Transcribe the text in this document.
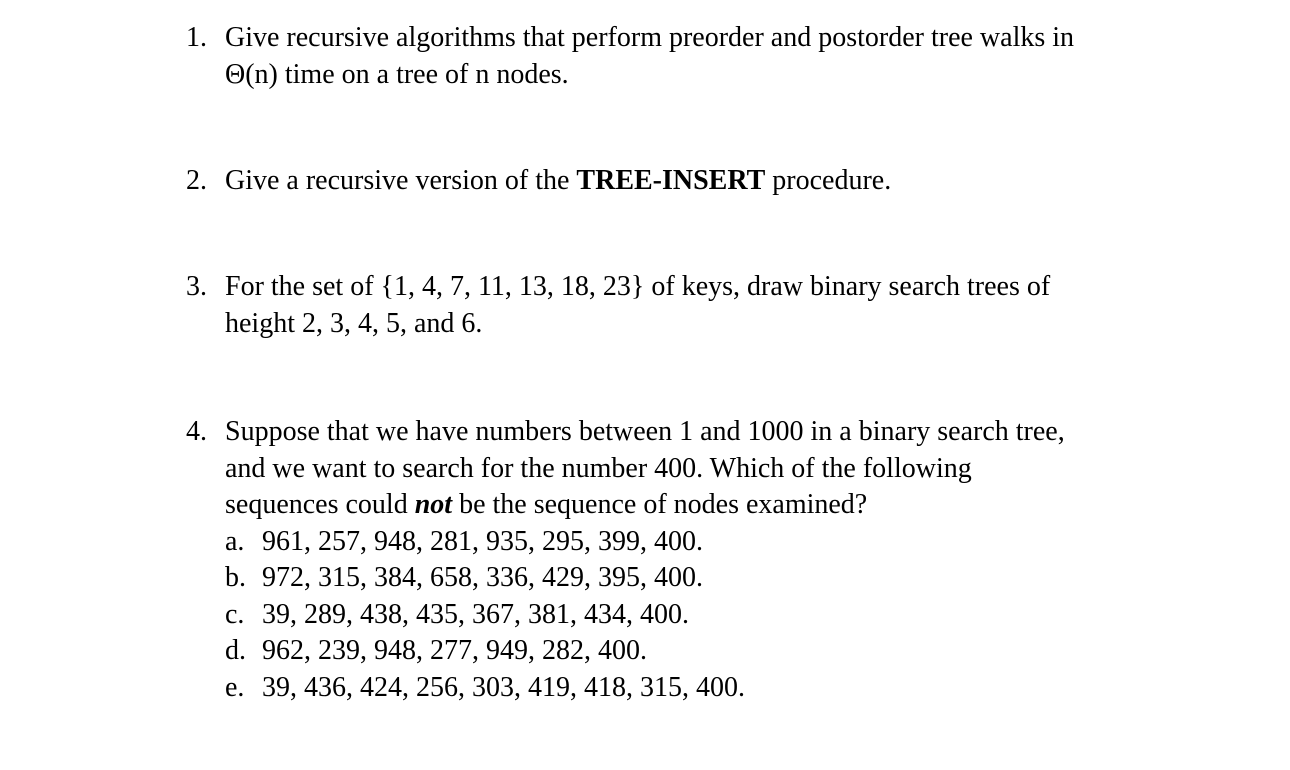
1. Give recursive algorithms that perform preorder and postorder tree walks in
Θ(n) time on a tree of n nodes.
2. Give a recursive version of the TREE-INSERT procedure.
3. For the set of {1, 4, 7, 11, 13, 18, 23} of keys, draw binary search trees of
height 2, 3, 4, 5, and 6.
4. Suppose that we have numbers between 1 and 1000 in a binary search tree,
and we want to search for the number 400. Which of the following
sequences could not be the sequence of nodes examined?
a. 961, 257, 948, 281, 935, 295, 399, 400.
b. 972, 315, 384, 658, 336, 429, 395, 400.
c. 39, 289, 438, 435, 367, 381, 434, 400.
d. 962, 239, 948, 277, 949, 282, 400.
e. 39, 436, 424, 256, 303, 419, 418, 315, 400.
